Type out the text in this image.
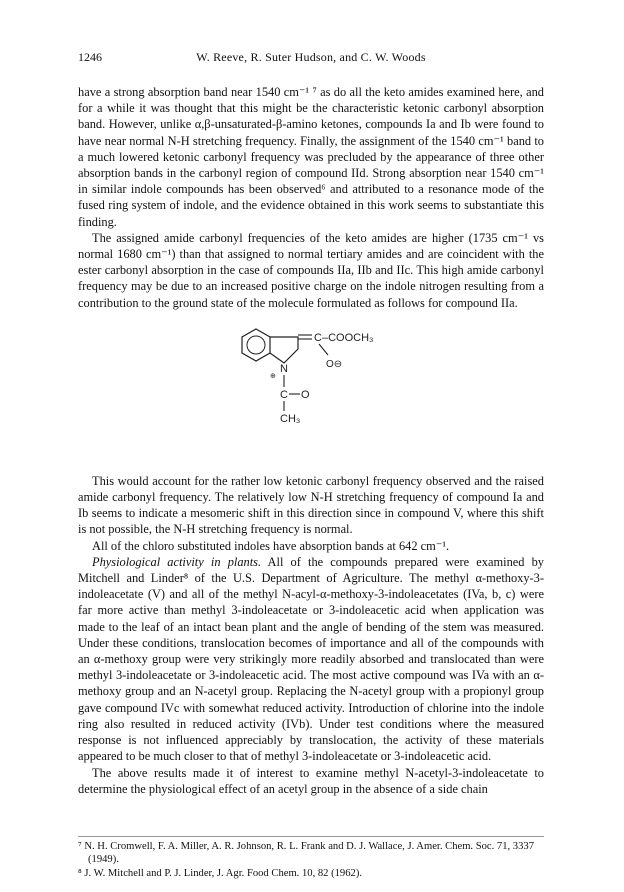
1246	W. Reeve, R. Suter Hudson, and C. W. Woods

have a strong absorption band near 1540 cm⁻¹ ⁷ as do all the keto amides examined here, and for a while it was thought that this might be the characteristic ketonic carbonyl absorption band. However, unlike α,β-unsaturated-β-amino ketones, compounds Ia and Ib were found to have near normal N-H stretching frequency. Finally, the assignment of the 1540 cm⁻¹ band to a much lowered ketonic carbonyl frequency was precluded by the appearance of three other absorption bands in the carbonyl region of compound IId. Strong absorption near 1540 cm⁻¹ in similar indole compounds has been observed⁶ and attributed to a resonance mode of the fused ring system of indole, and the evidence obtained in this work seems to substantiate this finding.

The assigned amide carbonyl frequencies of the keto amides are higher (1735 cm⁻¹ vs normal 1680 cm⁻¹) than that assigned to normal tertiary amides and are coincident with the ester carbonyl absorption in the case of compounds IIa, IIb and IIc. This high amide carbonyl frequency may be due to an increased positive charge on the indole nitrogen resulting from a contribution to the ground state of the molecule formulated as follows for compound IIa.

C –COOCH₃
O⊖
N
⊕
C O
CH₃

This would account for the rather low ketonic carbonyl frequency observed and the raised amide carbonyl frequency. The relatively low N-H stretching frequency of compound Ia and Ib seems to indicate a mesomeric shift in this direction since in compound V, where this shift is not possible, the N-H stretching frequency is normal.

All of the chloro substituted indoles have absorption bands at 642 cm⁻¹.

Physiological activity in plants. All of the compounds prepared were examined by Mitchell and Linder⁸ of the U.S. Department of Agriculture. The methyl α-methoxy-3-indoleacetate (V) and all of the methyl N-acyl-α-methoxy-3-indoleacetates (IVa, b, c) were far more active than methyl 3-indoleacetate or 3-indoleacetic acid when application was made to the leaf of an intact bean plant and the angle of bending of the stem was measured. Under these conditions, translocation becomes of importance and all of the compounds with an α-methoxy group were very strikingly more readily absorbed and translocated than were methyl 3-indoleacetate or 3-indoleacetic acid. The most active compound was IVa with an α-methoxy group and an N-acetyl group. Replacing the N-acetyl group with a propionyl group gave compound IVc with somewhat reduced activity. Introduction of chlorine into the indole ring also resulted in reduced activity (IVb). Under test conditions where the measured response is not influenced appreciably by translocation, the activity of these materials appeared to be much closer to that of methyl 3-indoleacetate or 3-indoleacetic acid.

The above results made it of interest to examine methyl N-acetyl-3-indoleacetate to determine the physiological effect of an acetyl group in the absence of a side chain

⁷ N. H. Cromwell, F. A. Miller, A. R. Johnson, R. L. Frank and D. J. Wallace, J. Amer. Chem. Soc. 71, 3337 (1949).

⁸ J. W. Mitchell and P. J. Linder, J. Agr. Food Chem. 10, 82 (1962).
